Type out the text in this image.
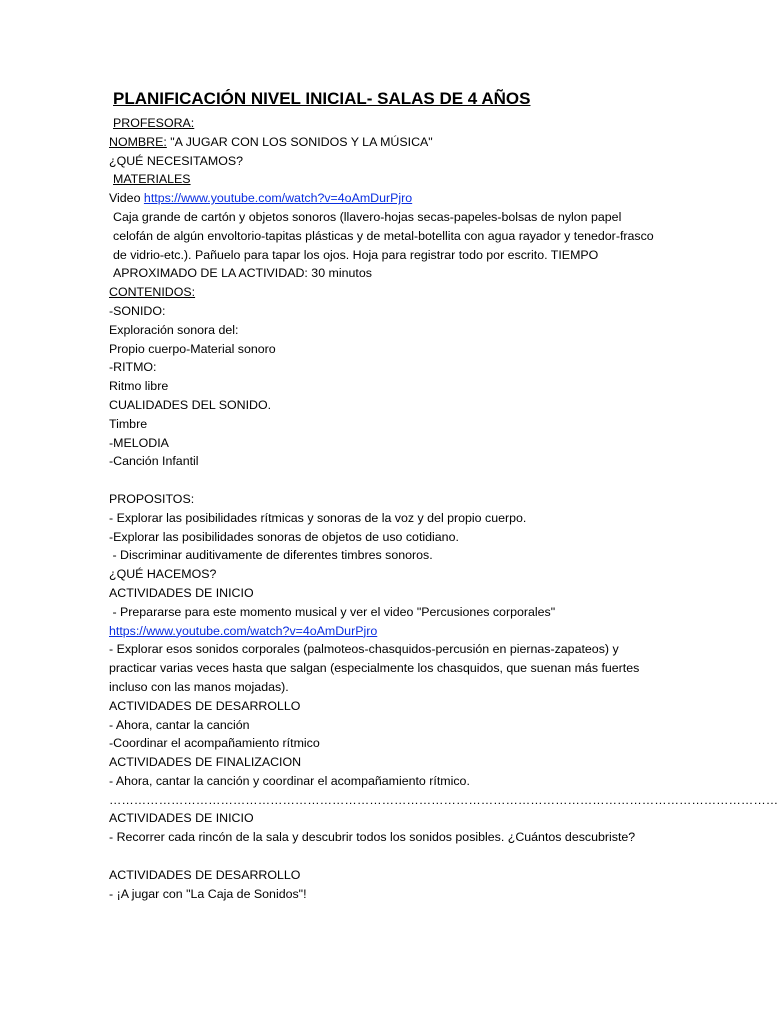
PLANIFICACIÓN NIVEL INICIAL- SALAS DE 4 AÑOS
PROFESORA:
NOMBRE: "A JUGAR CON LOS SONIDOS Y LA MÚSICA"
¿QUÉ NECESITAMOS?
MATERIALES
Video https://www.youtube.com/watch?v=4oAmDurPjro
Caja grande de cartón y objetos sonoros (llavero-hojas secas-papeles-bolsas de nylon papel celofán de algún envoltorio-tapitas plásticas y de metal-botellita con agua rayador y tenedor-frasco de vidrio-etc.). Pañuelo para tapar los ojos. Hoja para registrar todo por escrito. TIEMPO APROXIMADO DE LA ACTIVIDAD: 30 minutos
CONTENIDOS:
-SONIDO:
Exploración sonora del:
Propio cuerpo-Material sonoro
-RITMO:
Ritmo libre
CUALIDADES DEL SONIDO.
Timbre
-MELODIA
-Canción Infantil
PROPOSITOS:
- Explorar las posibilidades rítmicas y sonoras de la voz y del propio cuerpo.
-Explorar las posibilidades sonoras de objetos de uso cotidiano.
- Discriminar auditivamente de diferentes timbres sonoros.
¿QUÉ HACEMOS?
ACTIVIDADES DE INICIO
- Prepararse para este momento musical y ver el video "Percusiones corporales"
https://www.youtube.com/watch?v=4oAmDurPjro
- Explorar esos sonidos corporales (palmoteos-chasquidos-percusión en piernas-zapateos) y practicar varias veces hasta que salgan (especialmente los chasquidos, que suenan más fuertes incluso con las manos mojadas).
ACTIVIDADES DE DESARROLLO
- Ahora, cantar la canción
-Coordinar el acompañamiento rítmico
ACTIVIDADES DE FINALIZACION
- Ahora, cantar la canción y coordinar el acompañamiento rítmico.
………………………………………………………………………………………………………………………………………………
ACTIVIDADES DE INICIO
- Recorrer cada rincón de la sala y descubrir todos los sonidos posibles. ¿Cuántos descubriste?
ACTIVIDADES DE DESARROLLO
- ¡A jugar con "La Caja de Sonidos"!
